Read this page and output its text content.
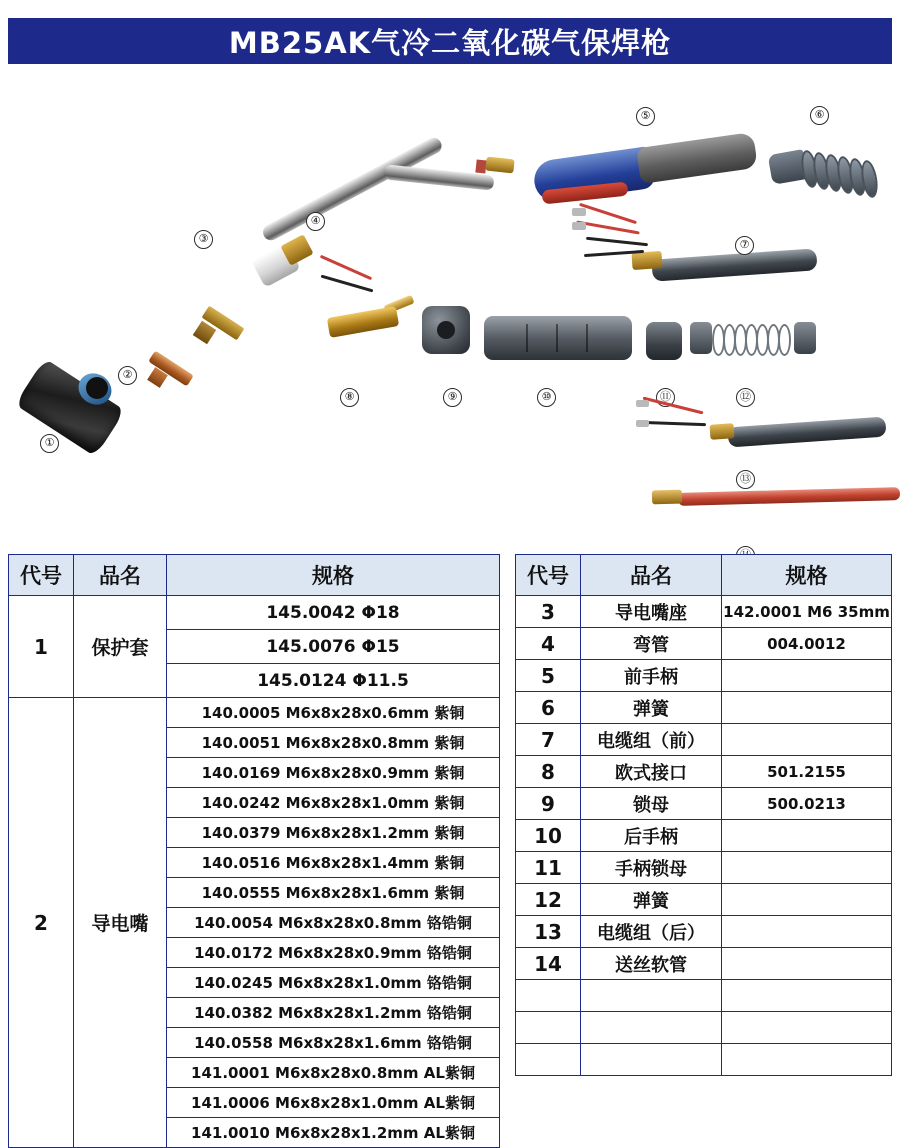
MB25AK气冷二氧化碳气保焊枪
①
②
③
④
⑤	⑥
⑦
⑧	⑨	⑩	⑪	⑫
⑬
代号	品名	规格
1	保护套	145.0042 Φ18
		145.0076 Φ15
		145.0124 Φ11.5
2	导电嘴	140.0005 M6x8x28x0.6mm 紫铜
		140.0051 M6x8x28x0.8mm 紫铜
		140.0169 M6x8x28x0.9mm 紫铜
		140.0242 M6x8x28x1.0mm 紫铜
		140.0379 M6x8x28x1.2mm 紫铜
		140.0516 M6x8x28x1.4mm 紫铜
		140.0555 M6x8x28x1.6mm 紫铜
		140.0054 M6x8x28x0.8mm 铬锆铜
		140.0172 M6x8x28x0.9mm 铬锆铜
		140.0245 M6x8x28x1.0mm 铬锆铜
		140.0382 M6x8x28x1.2mm 铬锆铜
		140.0558 M6x8x28x1.6mm 铬锆铜
		141.0001 M6x8x28x0.8mm AL紫铜
		141.0006 M6x8x28x1.0mm AL紫铜
		141.0010 M6x8x28x1.2mm AL紫铜
代号	品名	规格
3	导电嘴座	142.0001 M6 35mm
4	弯管	004.0012
5	前手柄	
6	弹簧	
7	电缆组（前）	
8	欧式接口	501.2155
9	锁母	500.0213
10	后手柄	
11	手柄锁母	
12	弹簧	
13	电缆组（后）	
14	送丝软管	
